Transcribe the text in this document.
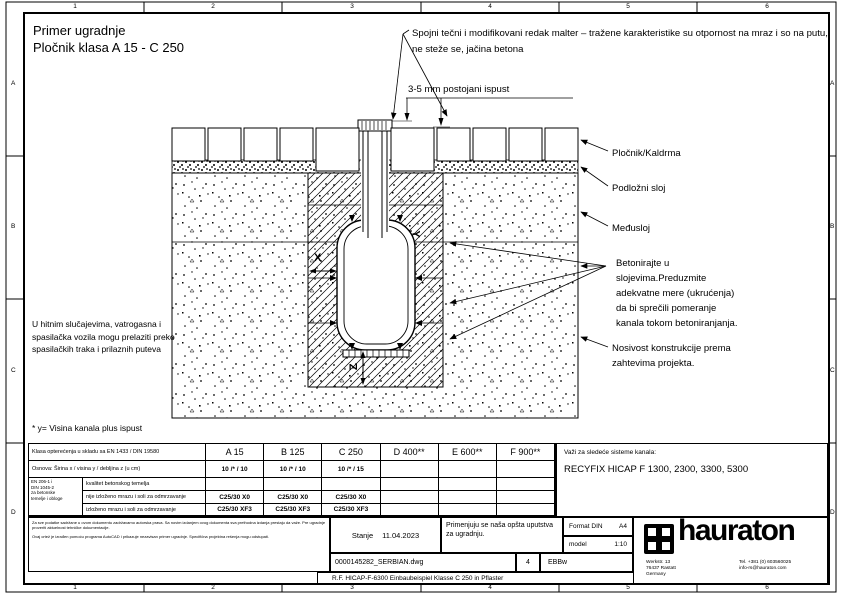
1	2	3	4	5	6
1	2	3	4	5	6
A
B
C
D
A
B
C
D
Primer ugradnje
Pločnik klasa A 15 - C 250
Spojni tečni i modifikovani redak malter – tražene karakteristike su otpornost na mraz i so na putu, ne steže se, jačina betona
3-5 mm postojani ispust
Pločnik/Kaldrma
Podložni sloj
Međusloj
Betonirajte u
slojevima.Preduzmite
adekvatne mere (ukrućenja)
da bi sprečili pomeranje
kanala tokom betoniranjanja.
Nosivost konstrukcije prema
zahtevima projekta.
U hitnim slučajevima, vatrogasna i
spasilačka vozila mogu prelaziti preko
spasilačkih traka i prilaznih puteva
* y= Visina kanala plus ispust
X
Y
Z
Klasa opterećenja u skladu sa EN 1433 / DIN 19580	A 15	B 125	C 250	D 400**	E 600**	F 900**
Osnova: Širina x / visina y / debljina z (u cm)	10 /* / 10	10 /* / 10	10 /* / 15
EN 206-1 i
DIN 1045-2
za betonske
temelje i obloge
kvalitet betonskog temelja
nije izloženo mrazu i soli za odmrzavanje	C25/30 X0	C25/30 X0	C25/30 X0
izloženo mrazu i soli za odmrzavanje	C25/30 XF3	C25/30 XF3	C25/30 XF3
Važi za sledeće sisteme kanala:
RECYFIX HICAP F 1300, 2300, 3300, 5300

Za sve podatke sadržane u ovom dokumentu zadržavamo autorska prava. Sa novim izdanjem ovog dokumenta sva prethodna izdanja prestaju da važe. Pre ugradnje proveriti aktuelnost tehničke dokumentacije.

Ovaj crtež je izrađen pomoću programa AutoCAD i prikazuje nezavisan primer ugradnje. Specifična projektna rešenja mogu odstupati.	Stanje 11.04.2023
Primenjuju se naša opšta uputstva za ugradnju.
Format DIN	A4
model	1:10
0000145282_SERBIAN.dwg	4	EBBw
R.F. HICAP-F-6300 Einbaubeispiel Klasse C 250 in Pflaster
hauraton
Werkstr. 13
76437 Rastatt
Germany
Tel. +381 (0) 603560025
info-rs@hauraton.com
